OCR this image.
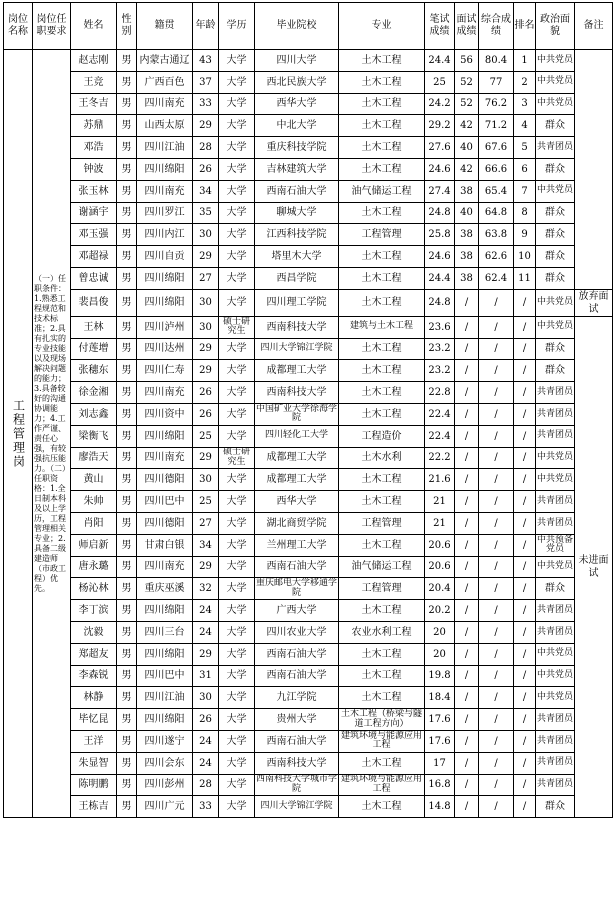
岗位名称	岗位任职要求	姓名	性别	籍贯	年龄	学历	毕业院校	专业	笔试成绩	面试成绩	综合成绩	排名	政治面貌	备注

工程管理岗	（一）任职条件：1.熟悉工程规范和技术标准；2.具有扎实的专业技能以及现场解决问题的能力；3.具备较好的沟通协调能力；4.工作严谨、责任心强，有较强抗压能力。（二）任职资格：1.全日制本科及以上学历，工程管理相关专业；2.具备二级建造师（市政工程）优先。	赵志刚	男	内蒙古通辽	43	大学	四川大学	土木工程	24.4	56	80.4	1	中共党员	
		王竞	男	广西百色	37	大学	西北民族大学	土木工程	25	52	77	2	中共党员	
		王冬吉	男	四川南充	33	大学	西华大学	土木工程	24.2	52	76.2	3	中共党员	
		苏鼎	男	山西太原	29	大学	中北大学	土木工程	29.2	42	71.2	4	群众	
		邓浩	男	四川江油	28	大学	重庆科技学院	土木工程	27.6	40	67.6	5	共青团员	
		钟波	男	四川绵阳	26	大学	吉林建筑大学	土木工程	24.6	42	66.6	6	群众	
		张玉林	男	四川南充	34	大学	西南石油大学	油气储运工程	27.4	38	65.4	7	中共党员	
		谢涵宇	男	四川罗江	35	大学	聊城大学	土木工程	24.8	40	64.8	8	群众	
		邓玉强	男	四川内江	30	大学	江西科技学院	工程管理	25.8	38	63.8	9	群众	
		邓超禄	男	四川自贡	29	大学	塔里木大学	土木工程	24.6	38	62.6	10	群众	
		曾忠诚	男	四川绵阳	27	大学	西昌学院	土木工程	24.4	38	62.4	11	群众	
		裴昌俊	男	四川绵阳	30	大学	四川理工学院	土木工程	24.8	/	/	/	中共党员	放弃面试
		王林	男	四川泸州	30	硕士研究生	西南科技大学	建筑与土木工程	23.6	/	/	/	中共党员	未进面试
		付莲增	男	四川达州	29	大学	四川大学锦江学院	土木工程	23.2	/	/	/	群众	
		张穗东	男	四川仁寿	29	大学	成都理工大学	土木工程	23.2	/	/	/	群众	
		徐金湘	男	四川南充	26	大学	西南科技大学	土木工程	22.8	/	/	/	共青团员	
		刘志鑫	男	四川资中	26	大学	中国矿业大学徐海学院	土木工程	22.4	/	/	/	共青团员	
		梁衡飞	男	四川绵阳	25	大学	四川轻化工大学	工程造价	22.4	/	/	/	共青团员	
		廖浩天	男	四川南充	29	硕士研究生	成都理工大学	土木水利	22.2	/	/	/	中共党员	
		黄山	男	四川德阳	30	大学	成都理工大学	土木工程	21.6	/	/	/	中共党员	
		朱帅	男	四川巴中	25	大学	西华大学	土木工程	21	/	/	/	共青团员	
		肖阳	男	四川德阳	27	大学	湖北商贸学院	工程管理	21	/	/	/	共青团员	
		师启新	男	甘肃白银	34	大学	兰州理工大学	土木工程	20.6	/	/	/	中共预备党员	
		唐永璐	男	四川南充	29	大学	西南石油大学	油气储运工程	20.6	/	/	/	中共党员	
		杨沁林	男	重庆巫溪	32	大学	重庆邮电大学移通学院	工程管理	20.4	/	/	/	群众	
		李丁滨	男	四川绵阳	24	大学	广西大学	土木工程	20.2	/	/	/	共青团员	
		沈毅	男	四川三台	24	大学	四川农业大学	农业水利工程	20	/	/	/	共青团员	
		郑超友	男	四川绵阳	29	大学	西南石油大学	土木工程	20	/	/	/	中共党员	
		李森锐	男	四川巴中	31	大学	西南石油大学	土木工程	19.8	/	/	/	中共党员	
		林静	男	四川江油	30	大学	九江学院	土木工程	18.4	/	/	/	中共党员	
		毕忆昆	男	四川绵阳	26	大学	贵州大学	土木工程（桥梁与隧道工程方向）	17.6	/	/	/	共青团员	
		王洋	男	四川遂宁	24	大学	西南石油大学	建筑环境与能源应用工程	17.6	/	/	/	共青团员	
		朱显智	男	四川会东	24	大学	西南科技大学	土木工程	17	/	/	/	共青团员	
		陈明鹏	男	四川彭州	28	大学	西南科技大学城市学院	建筑环境与能源应用工程	16.8	/	/	/	共青团员	
		王栋吉	男	四川广元	33	大学	四川大学锦江学院	土木工程	14.8	/	/	/	群众	
